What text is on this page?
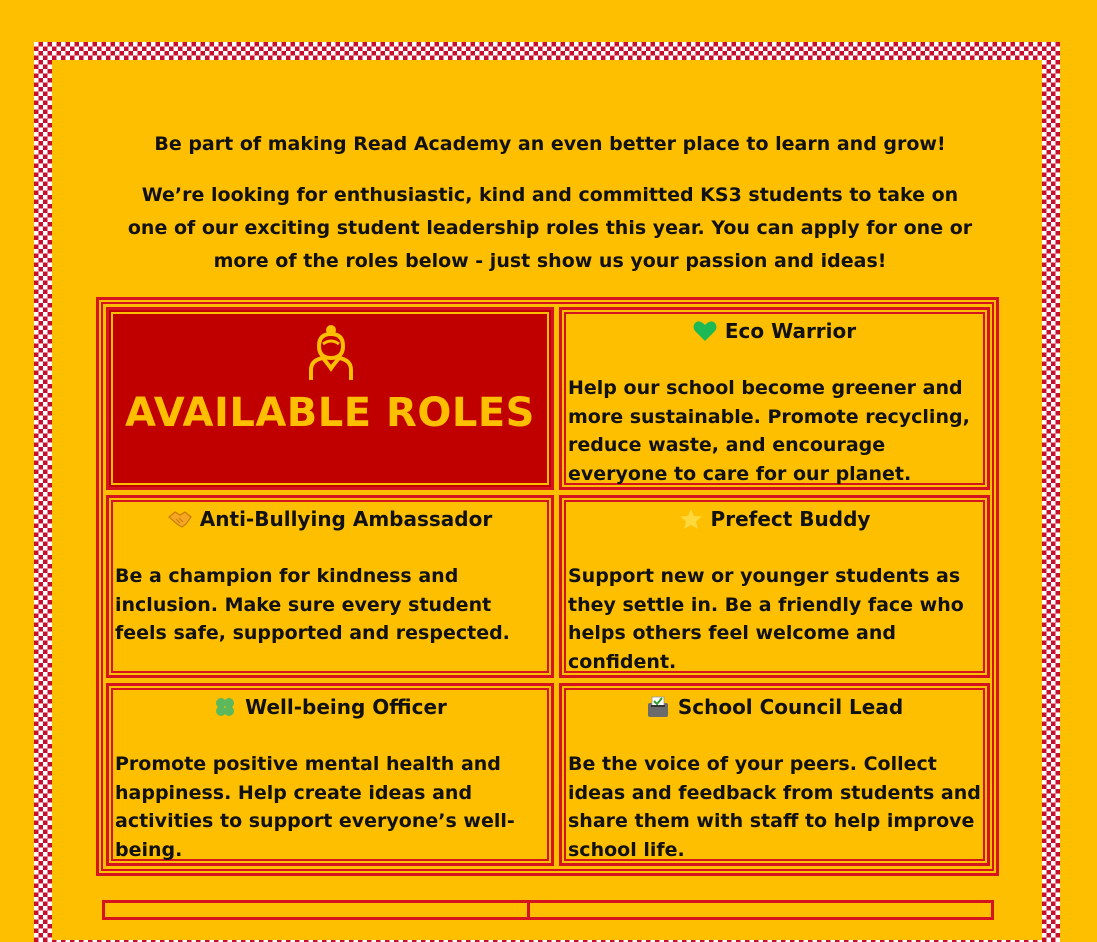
Be part of making Read Academy an even better place to learn and grow!

We’re looking for enthusiastic, kind and committed KS3 students to take on one of our exciting student leadership roles this year. You can apply for one or more of the roles below - just show us your passion and ideas!

AVAILABLE ROLES
Eco Warrior

Help our school become greener and more sustainable. Promote recycling, reduce waste, and encourage everyone to care for our planet.

Anti-Bullying Ambassador

Be a champion for kindness and inclusion. Make sure every student feels safe, supported and respected.

Prefect Buddy

Support new or younger students as they settle in. Be a friendly face who helps others feel welcome and confident.

Well-being Officer

Promote positive mental health and happiness. Help create ideas and activities to support everyone’s well-being.

School Council Lead

Be the voice of your peers. Collect ideas and feedback from students and share them with staff to help improve school life.
